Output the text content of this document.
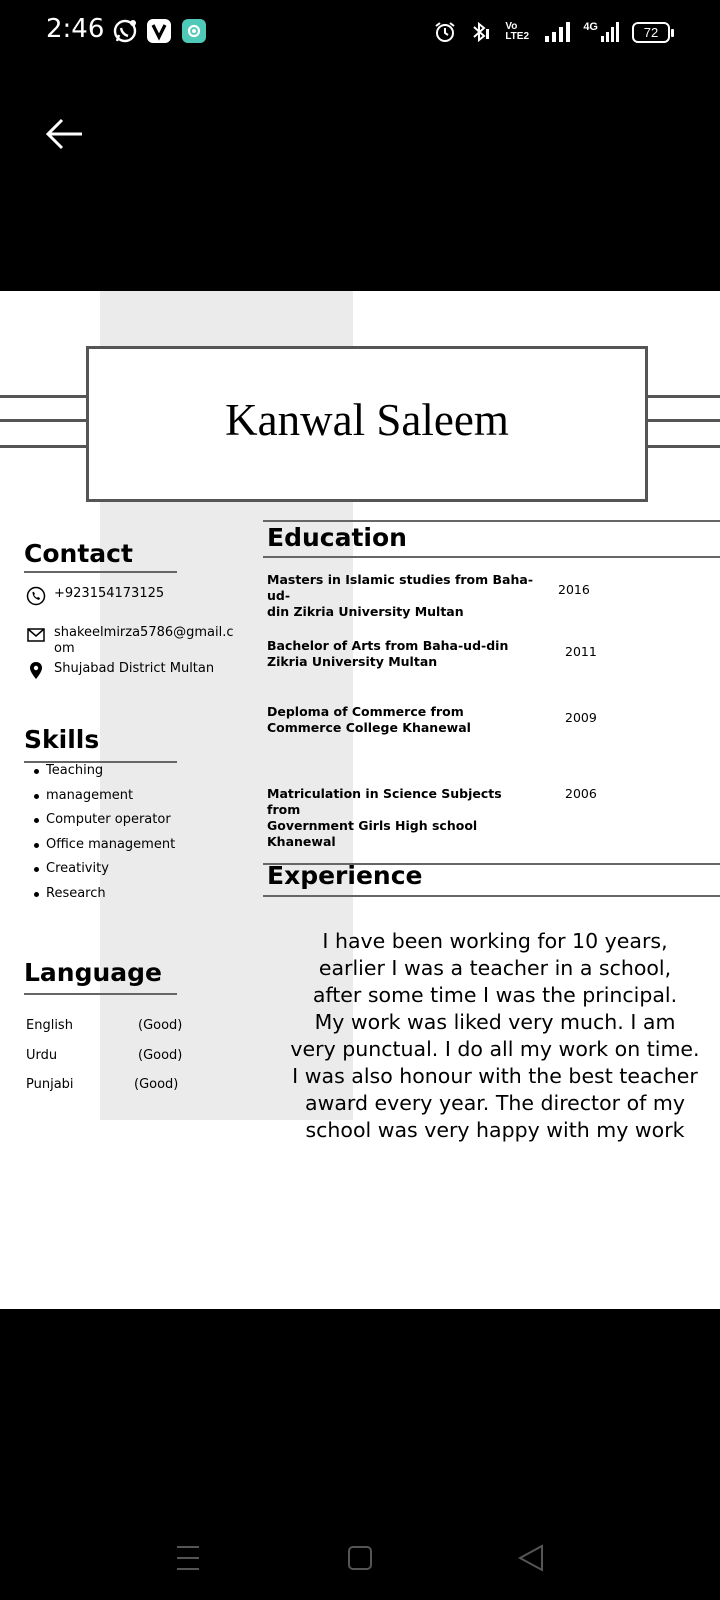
2:46	Vo LTE2
4G	72
Kanwal Saleem
Contact
+923154173125
shakeelmirza5786@gmail.c
om
Shujabad District Multan
Skills
Teaching
management
Computer operator
Office management
Creativity
Research
Language
English	(Good)
Urdu	(Good)
Punjabi	(Good)
Education
Masters in Islamic studies from Baha-ud-
din Zikria University Multan
2016
Bachelor of Arts from Baha-ud-din
Zikria University Multan
2011
Deploma of Commerce from
Commerce College Khanewal
2009
Matriculation in Science Subjects from
Government Girls High school
Khanewal
2006
Experience
I have been working for 10 years,
earlier I was a teacher in a school,
after some time I was the principal.
My work was liked very much. I am
very punctual. I do all my work on time.
I was also honour with the best teacher
award every year. The director of my
school was very happy with my work
